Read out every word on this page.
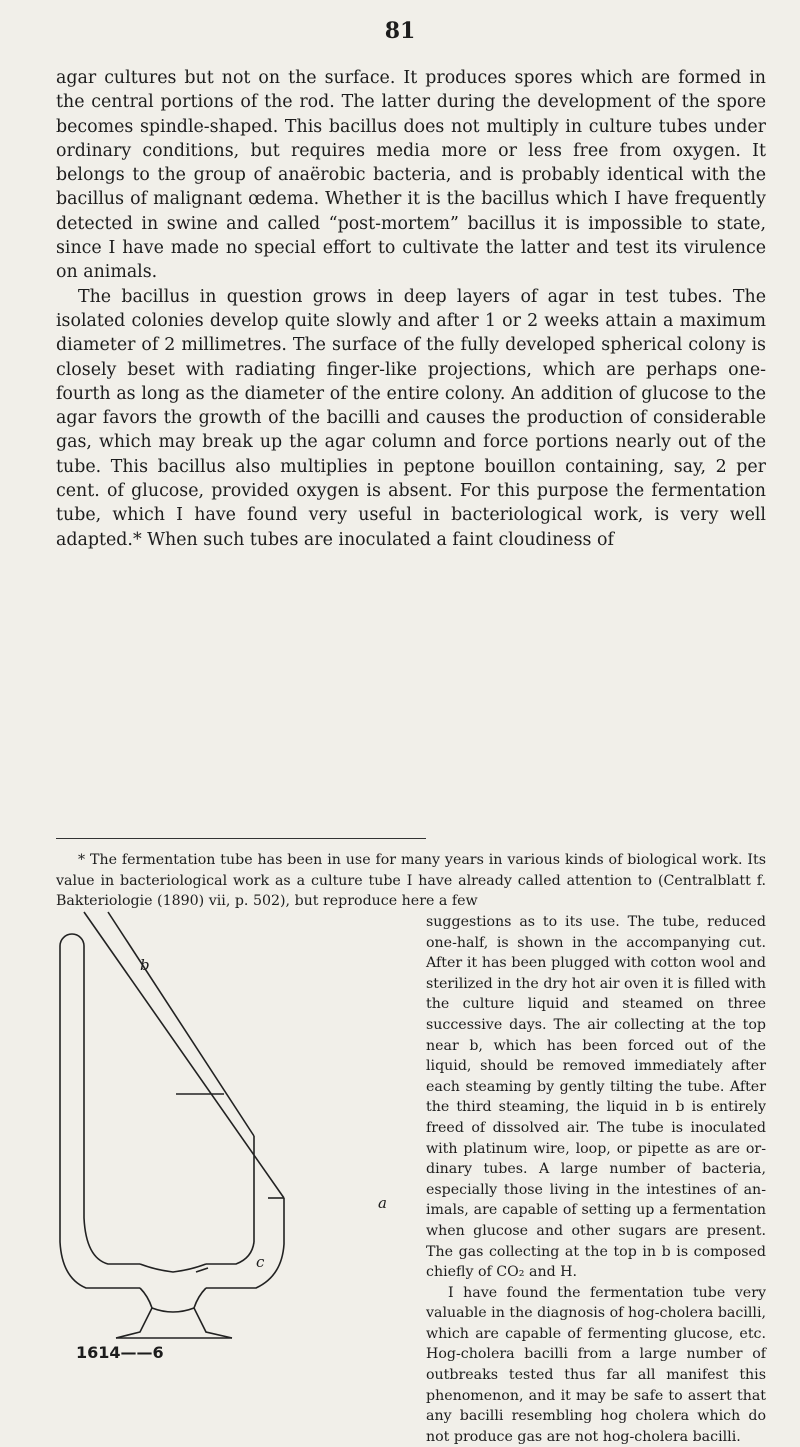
81

agar cultures but not on the surface. It produces spores which are formed in the central portions of the rod. The latter during the development of the spore becomes spindle-shaped. This bacillus does not multiply in culture tubes under ordinary conditions, but requires media more or less free from oxygen. It belongs to the group of anaërobic bacteria, and is probably identical with the bacillus of malignant œdema. Whether it is the bacillus which I have frequently detected in swine and called “post-mortem” bacillus it is impossible to state, since I have made no special effort to cultivate the latter and test its virulence on animals.

The bacillus in question grows in deep layers of agar in test tubes. The isolated colonies develop quite slowly and after 1 or 2 weeks attain a maximum diameter of 2 millimetres. The surface of the fully developed spherical colony is closely beset with radiating finger-like projections, which are perhaps one-fourth as long as the diameter of the entire colony. An addition of glucose to the agar favors the growth of the bacilli and causes the production of considerable gas, which may break up the agar column and force portions nearly out of the tube. This bacillus also multiplies in peptone bouillon containing, say, 2 per cent. of glucose, provided oxygen is absent. For this purpose the fermentation tube, which I have found very useful in bacteriological work, is very well adapted.* When such tubes are inoculated a faint cloudiness of

* The fermentation tube has been in use for many years in various kinds of biological work. Its value in bacteriological work as a culture tube I have already called attention to (Centralblatt f. Bakteriologie (1890) vii, p. 502), but reproduce here a few
b
a
c
1614——6

suggestions as to its use. The tube, reduced one-half, is shown in the accompanying cut. After it has been plugged with cotton wool and sterilized in the dry hot air oven it is filled with the culture liquid and steamed on three successive days. The air collecting at the top near b, which has been forced out of the liquid, should be removed immediately after each steaming by gently tilting the tube. After the third steaming, the liquid in b is entirely freed of dissolved air. The tube is inoculated with platinum wire, loop, or pipette as are ordinary tubes. A large number of bacteria, especially those living in the intestines of animals, are capable of setting up a fermentation when glucose and other sugars are present. The gas collecting at the top in b is composed chiefly of CO₂ and H.

I have found the fermentation tube very valuable in the diagnosis of hog-cholera bacilli, which are capable of fermenting glucose, etc. Hog-cholera bacilli from a large number of outbreaks tested thus far all manifest this phenomenon, and it may be safe to assert that any bacilli resembling hog cholera which do not produce gas are not hog-cholera bacilli.
